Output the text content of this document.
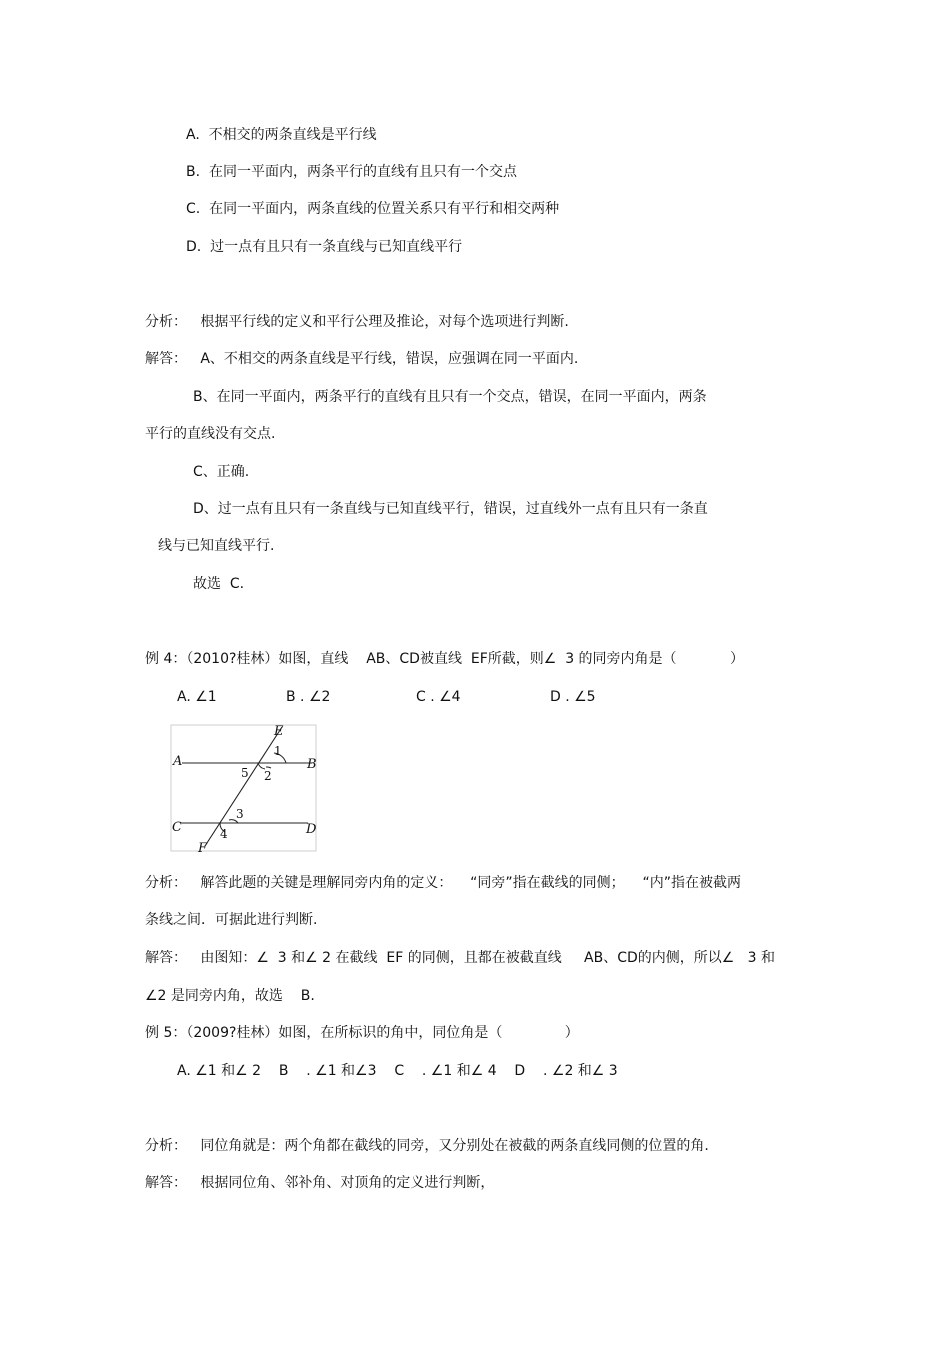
A.  不相交的两条直线是平行线
B.  在同一平面内，两条平行的直线有且只有一个交点
C.  在同一平面内，两条直线的位置关系只有平行和相交两种
D.  过一点有且只有一条直线与已知直线平行
分析：   根据平行线的定义和平行公理及推论，对每个选项进行判断.
解答：   A、不相交的两条直线是平行线，错误，应强调在同一平面内.
B、在同一平面内，两条平行的直线有且只有一个交点，错误，在同一平面内，两条
平行的直线没有交点.
C、正确.
D、过一点有且只有一条直线与已知直线平行，错误，过直线外一点有且只有一条直
线与已知直线平行.
故选  C.
例 4：（2010?桂林）如图，直线    AB、CD被直线  EF所截，则∠  3 的同旁内角是（            ）
A. ∠1	B . ∠2	C . ∠4	D . ∠5
A	B
C	D
E
F
1
2
3
4
5
分析：   解答此题的关键是理解同旁内角的定义：    “同旁”指在截线的同侧；    “内”指在被截两
条线之间．可据此进行判断.
解答：   由图知：∠  3 和∠ 2 在截线  EF 的同侧，且都在被截直线     AB、CD的内侧，所以∠   3 和
∠2 是同旁内角，故选    B.
例 5：（2009?桂林）如图，在所标识的角中，同位角是（              ）
A. ∠1 和∠ 2    B    . ∠1 和∠3    C    . ∠1 和∠ 4    D    . ∠2 和∠ 3
分析：   同位角就是：两个角都在截线的同旁，又分别处在被截的两条直线同侧的位置的角.
解答：   根据同位角、邻补角、对顶角的定义进行判断，
